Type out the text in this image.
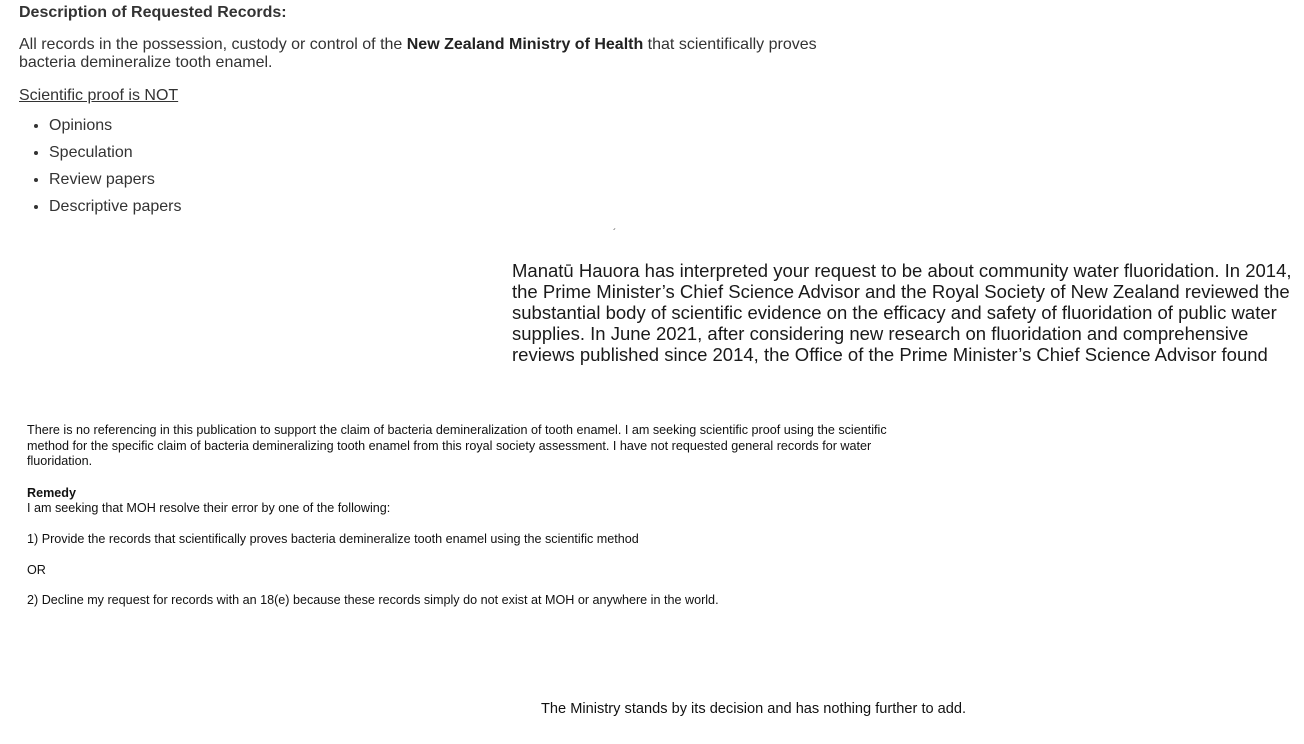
Description of Requested Records:
All records in the possession, custody or control of the New Zealand Ministry of Health that scientifically proves bacteria demineralize tooth enamel.
Scientific proof is NOT
• Opinions
• Speculation
• Review papers
• Descriptive papers
´
Manatū Hauora has interpreted your request to be about community water fluoridation. In 2014, the Prime Minister’s Chief Science Advisor and the Royal Society of New Zealand reviewed the substantial body of scientific evidence on the efficacy and safety of fluoridation of public water supplies. In June 2021, after considering new research on fluoridation and comprehensive reviews published since 2014, the Office of the Prime Minister’s Chief Science Advisor found

There is no referencing in this publication to support the claim of bacteria demineralization of tooth enamel. I am seeking scientific proof using the scientific method for the specific claim of bacteria demineralizing tooth enamel from this royal society assessment. I have not requested general records for water fluoridation.

Remedy

I am seeking that MOH resolve their error by one of the following:

1) Provide the records that scientifically proves bacteria demineralize tooth enamel using the scientific method

OR

2) Decline my request for records with an 18(e) because these records simply do not exist at MOH or anywhere in the world.

The Ministry stands by its decision and has nothing further to add.
